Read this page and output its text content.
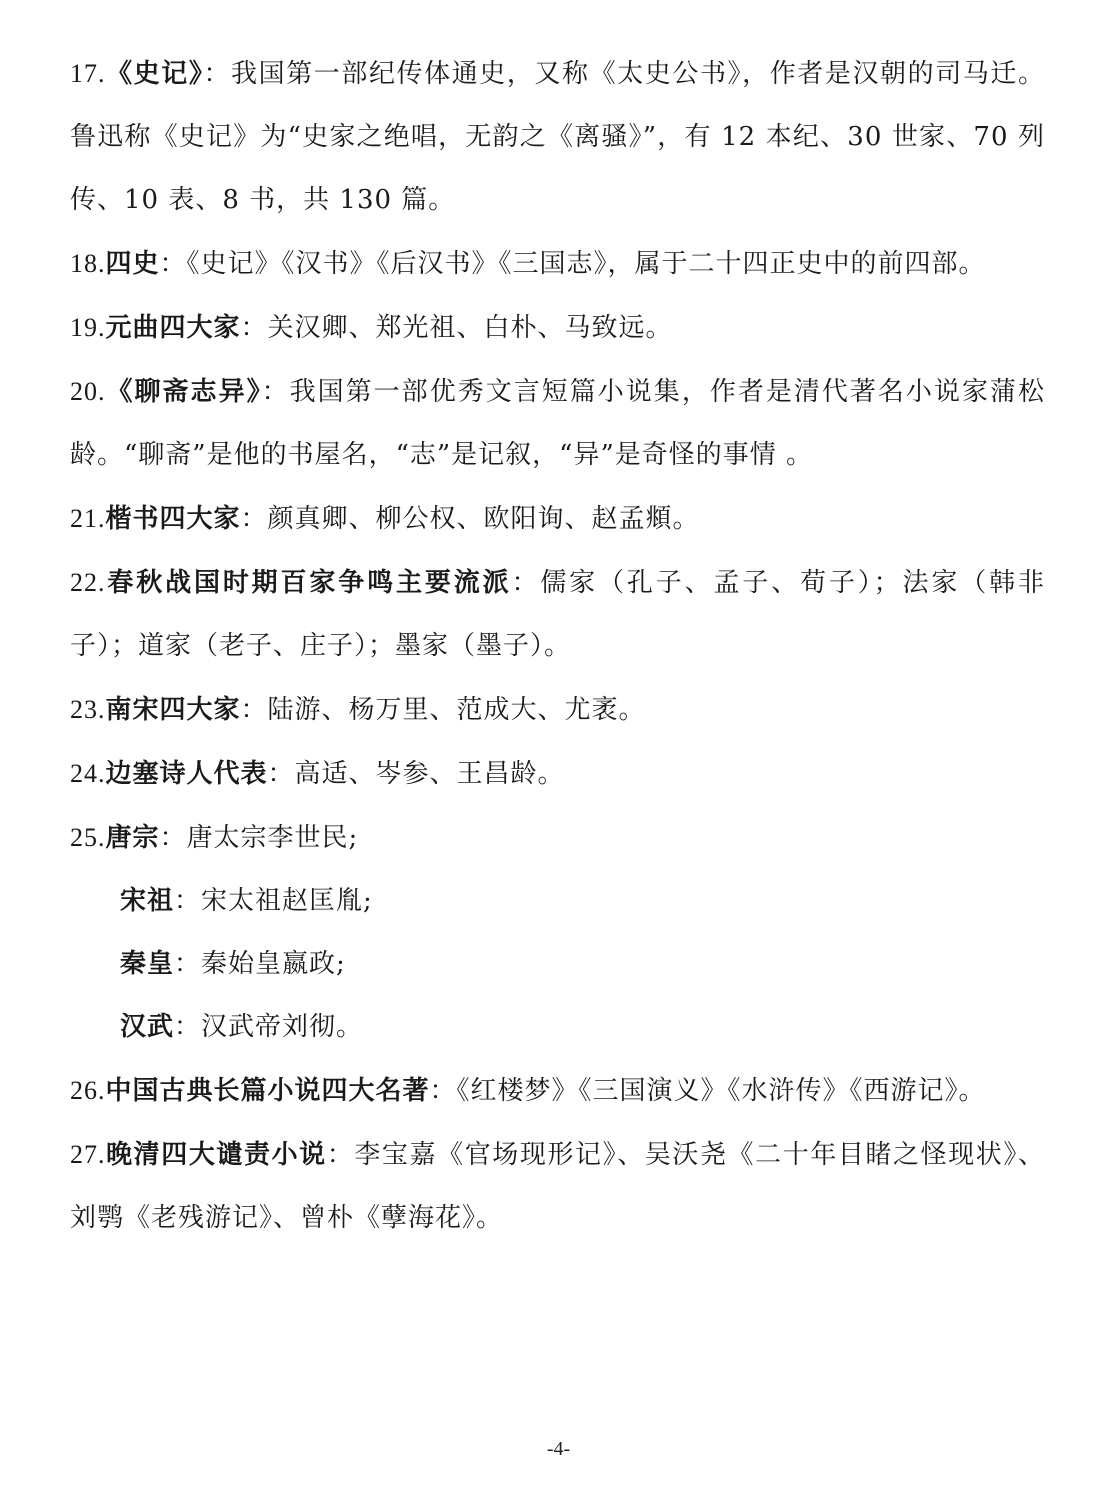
17.《史记》：我国第一部纪传体通史，又称《太史公书》，作者是汉朝的司马迁。鲁迅称《史记》为“史家之绝唱，无韵之《离骚》”，有 12 本纪、30 世家、70 列传、10 表、8 书，共 130 篇。

18.四史：《史记》《汉书》《后汉书》《三国志》，属于二十四正史中的前四部。

19.元曲四大家：关汉卿、郑光祖、白朴、马致远。

20.《聊斋志异》：我国第一部优秀文言短篇小说集，作者是清代著名小说家蒲松龄。“聊斋”是他的书屋名，“志”是记叙，“异”是奇怪的事情 。

21.楷书四大家：颜真卿、柳公权、欧阳询、赵孟頫。

22.春秋战国时期百家争鸣主要流派：儒家（孔子、孟子、荀子）；法家（韩非子）；道家（老子、庄子）；墨家（墨子）。

23.南宋四大家：陆游、杨万里、范成大、尤袤。

24.边塞诗人代表：高适、岑参、王昌龄。

25.唐宗：唐太宗李世民;

宋祖：宋太祖赵匡胤;

秦皇：秦始皇嬴政;

汉武：汉武帝刘彻。

26.中国古典长篇小说四大名著：《红楼梦》《三国演义》《水浒传》《西游记》。

27.晚清四大谴责小说：李宝嘉《官场现形记》、吴沃尧《二十年目睹之怪现状》、刘鹗《老残游记》、曾朴《孽海花》。

-4-
